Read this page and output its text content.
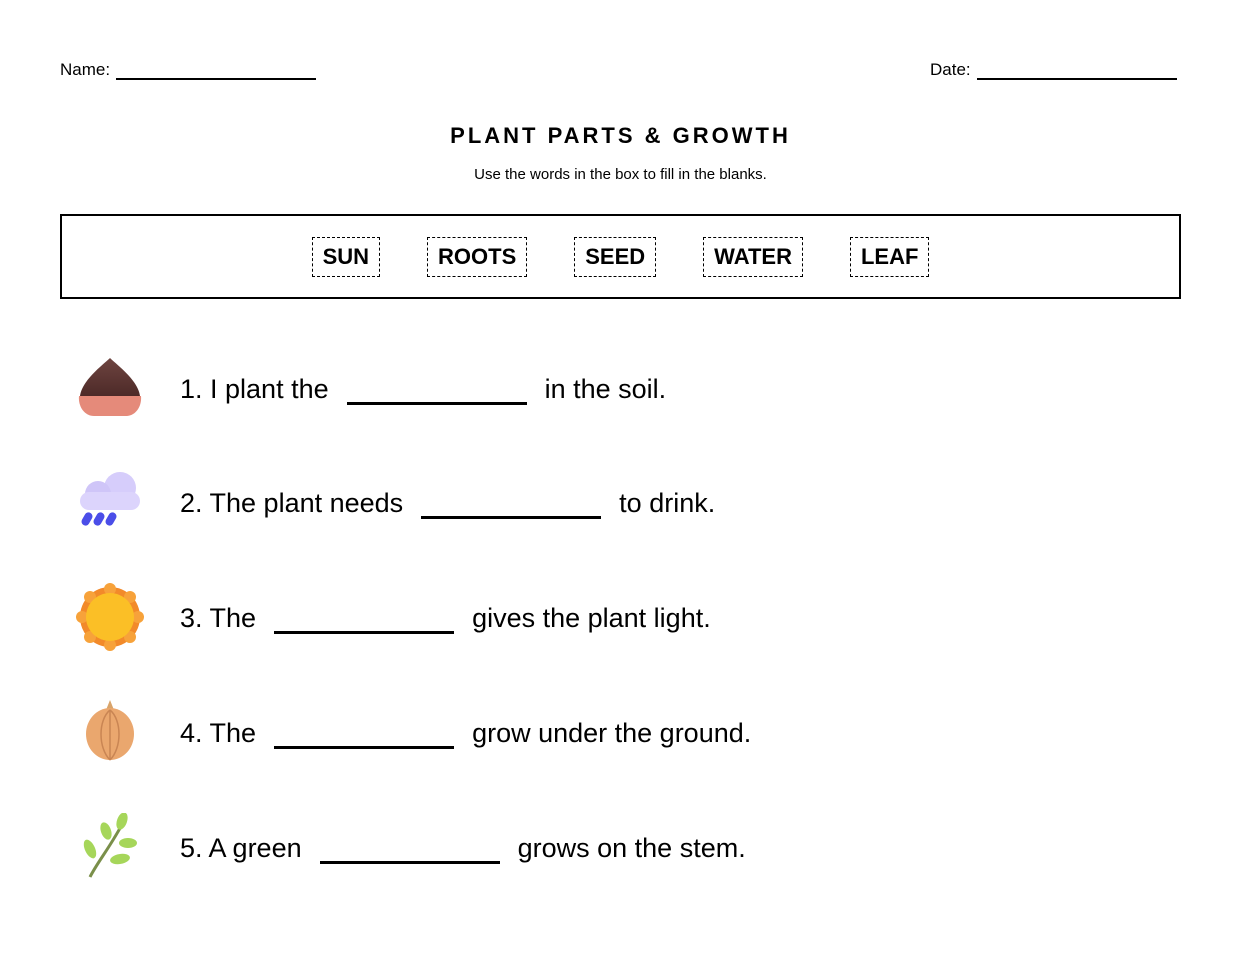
Name:	Date:
PLANT PARTS & GROWTH
Use the words in the box to fill in the blanks.
SUN	ROOTS	SEED	WATER	LEAF
1. I plant the	in the soil.
2. The plant needs	to drink.
3. The	gives the plant light.
4. The	grow under the ground.
5. A green	grows on the stem.
